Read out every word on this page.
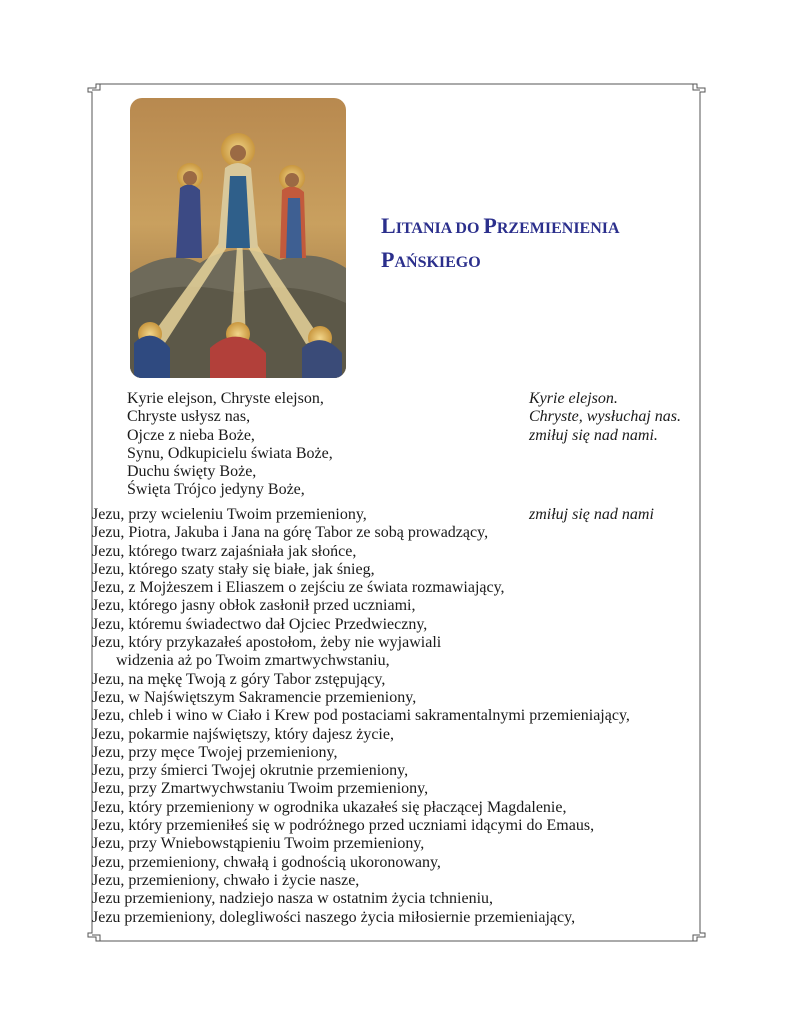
LITANIA DO PRZEMIENIENIA
PAŃSKIEGO
Kyrie elejson, Chryste elejson,	Kyrie elejson.
Chryste usłysz nas,	Chryste, wysłuchaj nas.
Ojcze z nieba Boże,	zmiłuj się nad nami.
Synu, Odkupicielu świata Boże,
Duchu święty Boże,
Święta Trójco jedyny Boże,
Jezu, przy wcieleniu Twoim przemieniony,	zmiłuj się nad nami
Jezu, Piotra, Jakuba i Jana na górę Tabor ze sobą prowadzący,
Jezu, którego twarz zajaśniała jak słońce,
Jezu, którego szaty stały się białe, jak śnieg,
Jezu, z Mojżeszem i Eliaszem o zejściu ze świata rozmawiający,
Jezu, którego jasny obłok zasłonił przed uczniami,
Jezu, któremu świadectwo dał Ojciec Przedwieczny,
Jezu, który przykazałeś apostołom, żeby nie wyjawiali
widzenia aż po Twoim zmartwychwstaniu,
Jezu, na mękę Twoją z góry Tabor zstępujący,
Jezu, w Najświętszym Sakramencie przemieniony,
Jezu, chleb i wino w Ciało i Krew pod postaciami sakramentalnymi przemieniający,
Jezu, pokarmie najświętszy, który dajesz życie,
Jezu, przy męce Twojej przemieniony,
Jezu, przy śmierci Twojej okrutnie przemieniony,
Jezu, przy Zmartwychwstaniu Twoim przemieniony,
Jezu, który przemieniony w ogrodnika ukazałeś się płaczącej Magdalenie,
Jezu, który przemieniłeś się w podróżnego przed uczniami idącymi do Emaus,
Jezu, przy Wniebowstąpieniu Twoim przemieniony,
Jezu, przemieniony, chwałą i godnością ukoronowany,
Jezu, przemieniony, chwało i życie nasze,
Jezu przemieniony, nadziejo nasza w ostatnim życia tchnieniu,
Jezu przemieniony, dolegliwości naszego życia miłosiernie przemieniający,
